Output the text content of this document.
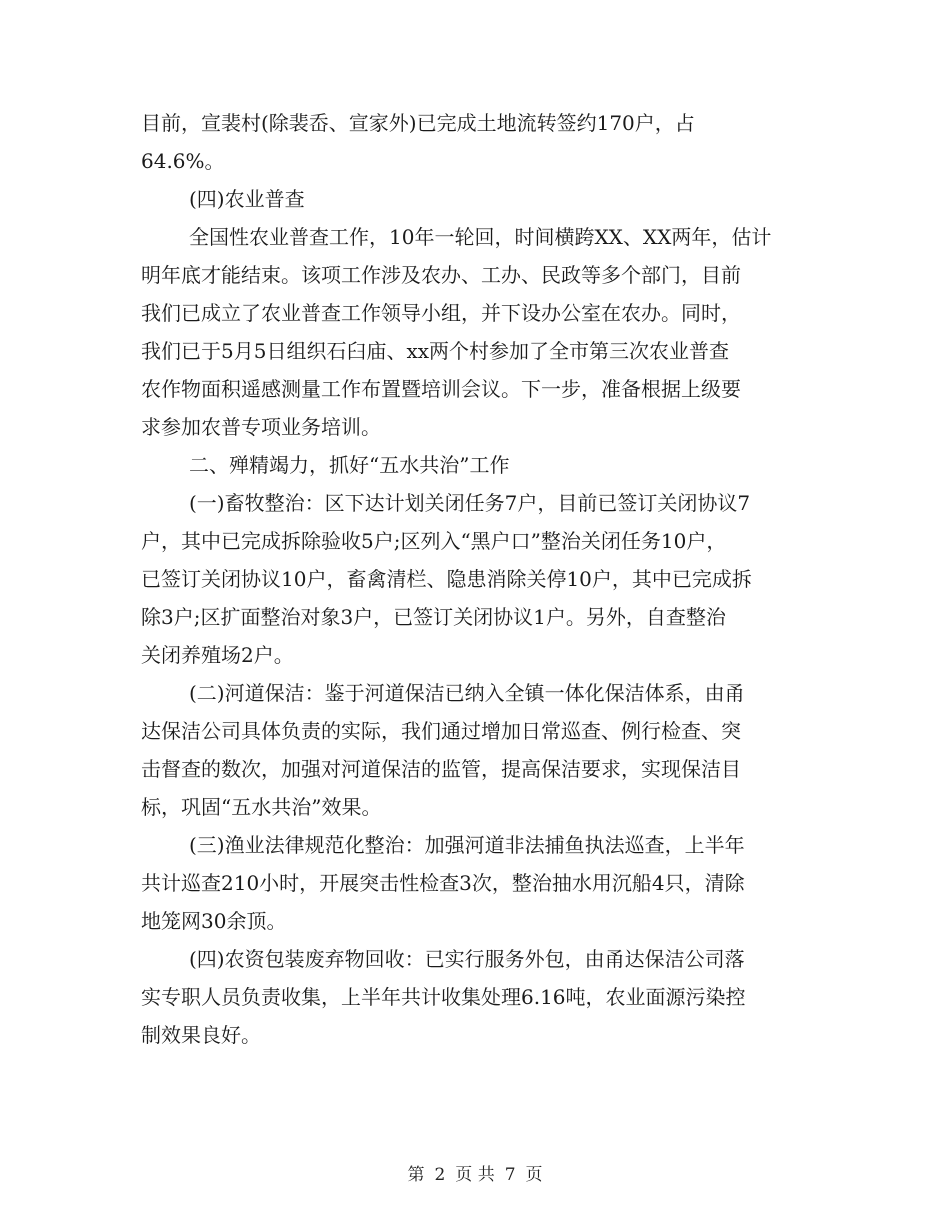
目前，宣裴村(除裴岙、宣家外)已完成土地流转签约170户，占

64.6%。

(四)农业普查

全国性农业普查工作，10年一轮回，时间横跨XX、XX两年，估计

明年底才能结束。该项工作涉及农办、工办、民政等多个部门，目前

我们已成立了农业普查工作领导小组，并下设办公室在农办。同时，

我们已于5月5日组织石臼庙、xx两个村参加了全市第三次农业普查

农作物面积遥感测量工作布置暨培训会议。下一步，准备根据上级要

求参加农普专项业务培训。

二、殚精竭力，抓好“五水共治”工作

(一)畜牧整治：区下达计划关闭任务7户，目前已签订关闭协议7

户，其中已完成拆除验收5户;区列入“黑户口”整治关闭任务10户，

已签订关闭协议10户，畜禽清栏、隐患消除关停10户，其中已完成拆

除3户;区扩面整治对象3户，已签订关闭协议1户。另外，自查整治

关闭养殖场2户。

(二)河道保洁：鉴于河道保洁已纳入全镇一体化保洁体系，由甬

达保洁公司具体负责的实际，我们通过增加日常巡查、例行检查、突

击督查的数次，加强对河道保洁的监管，提高保洁要求，实现保洁目

标，巩固“五水共治”效果。

(三)渔业法律规范化整治：加强河道非法捕鱼执法巡查，上半年

共计巡查210小时，开展突击性检查3次，整治抽水用沉船4只，清除

地笼网30余顶。

(四)农资包装废弃物回收：已实行服务外包，由甬达保洁公司落

实专职人员负责收集，上半年共计收集处理6.16吨，农业面源污染控

制效果良好。

第 2 页 共 7 页
